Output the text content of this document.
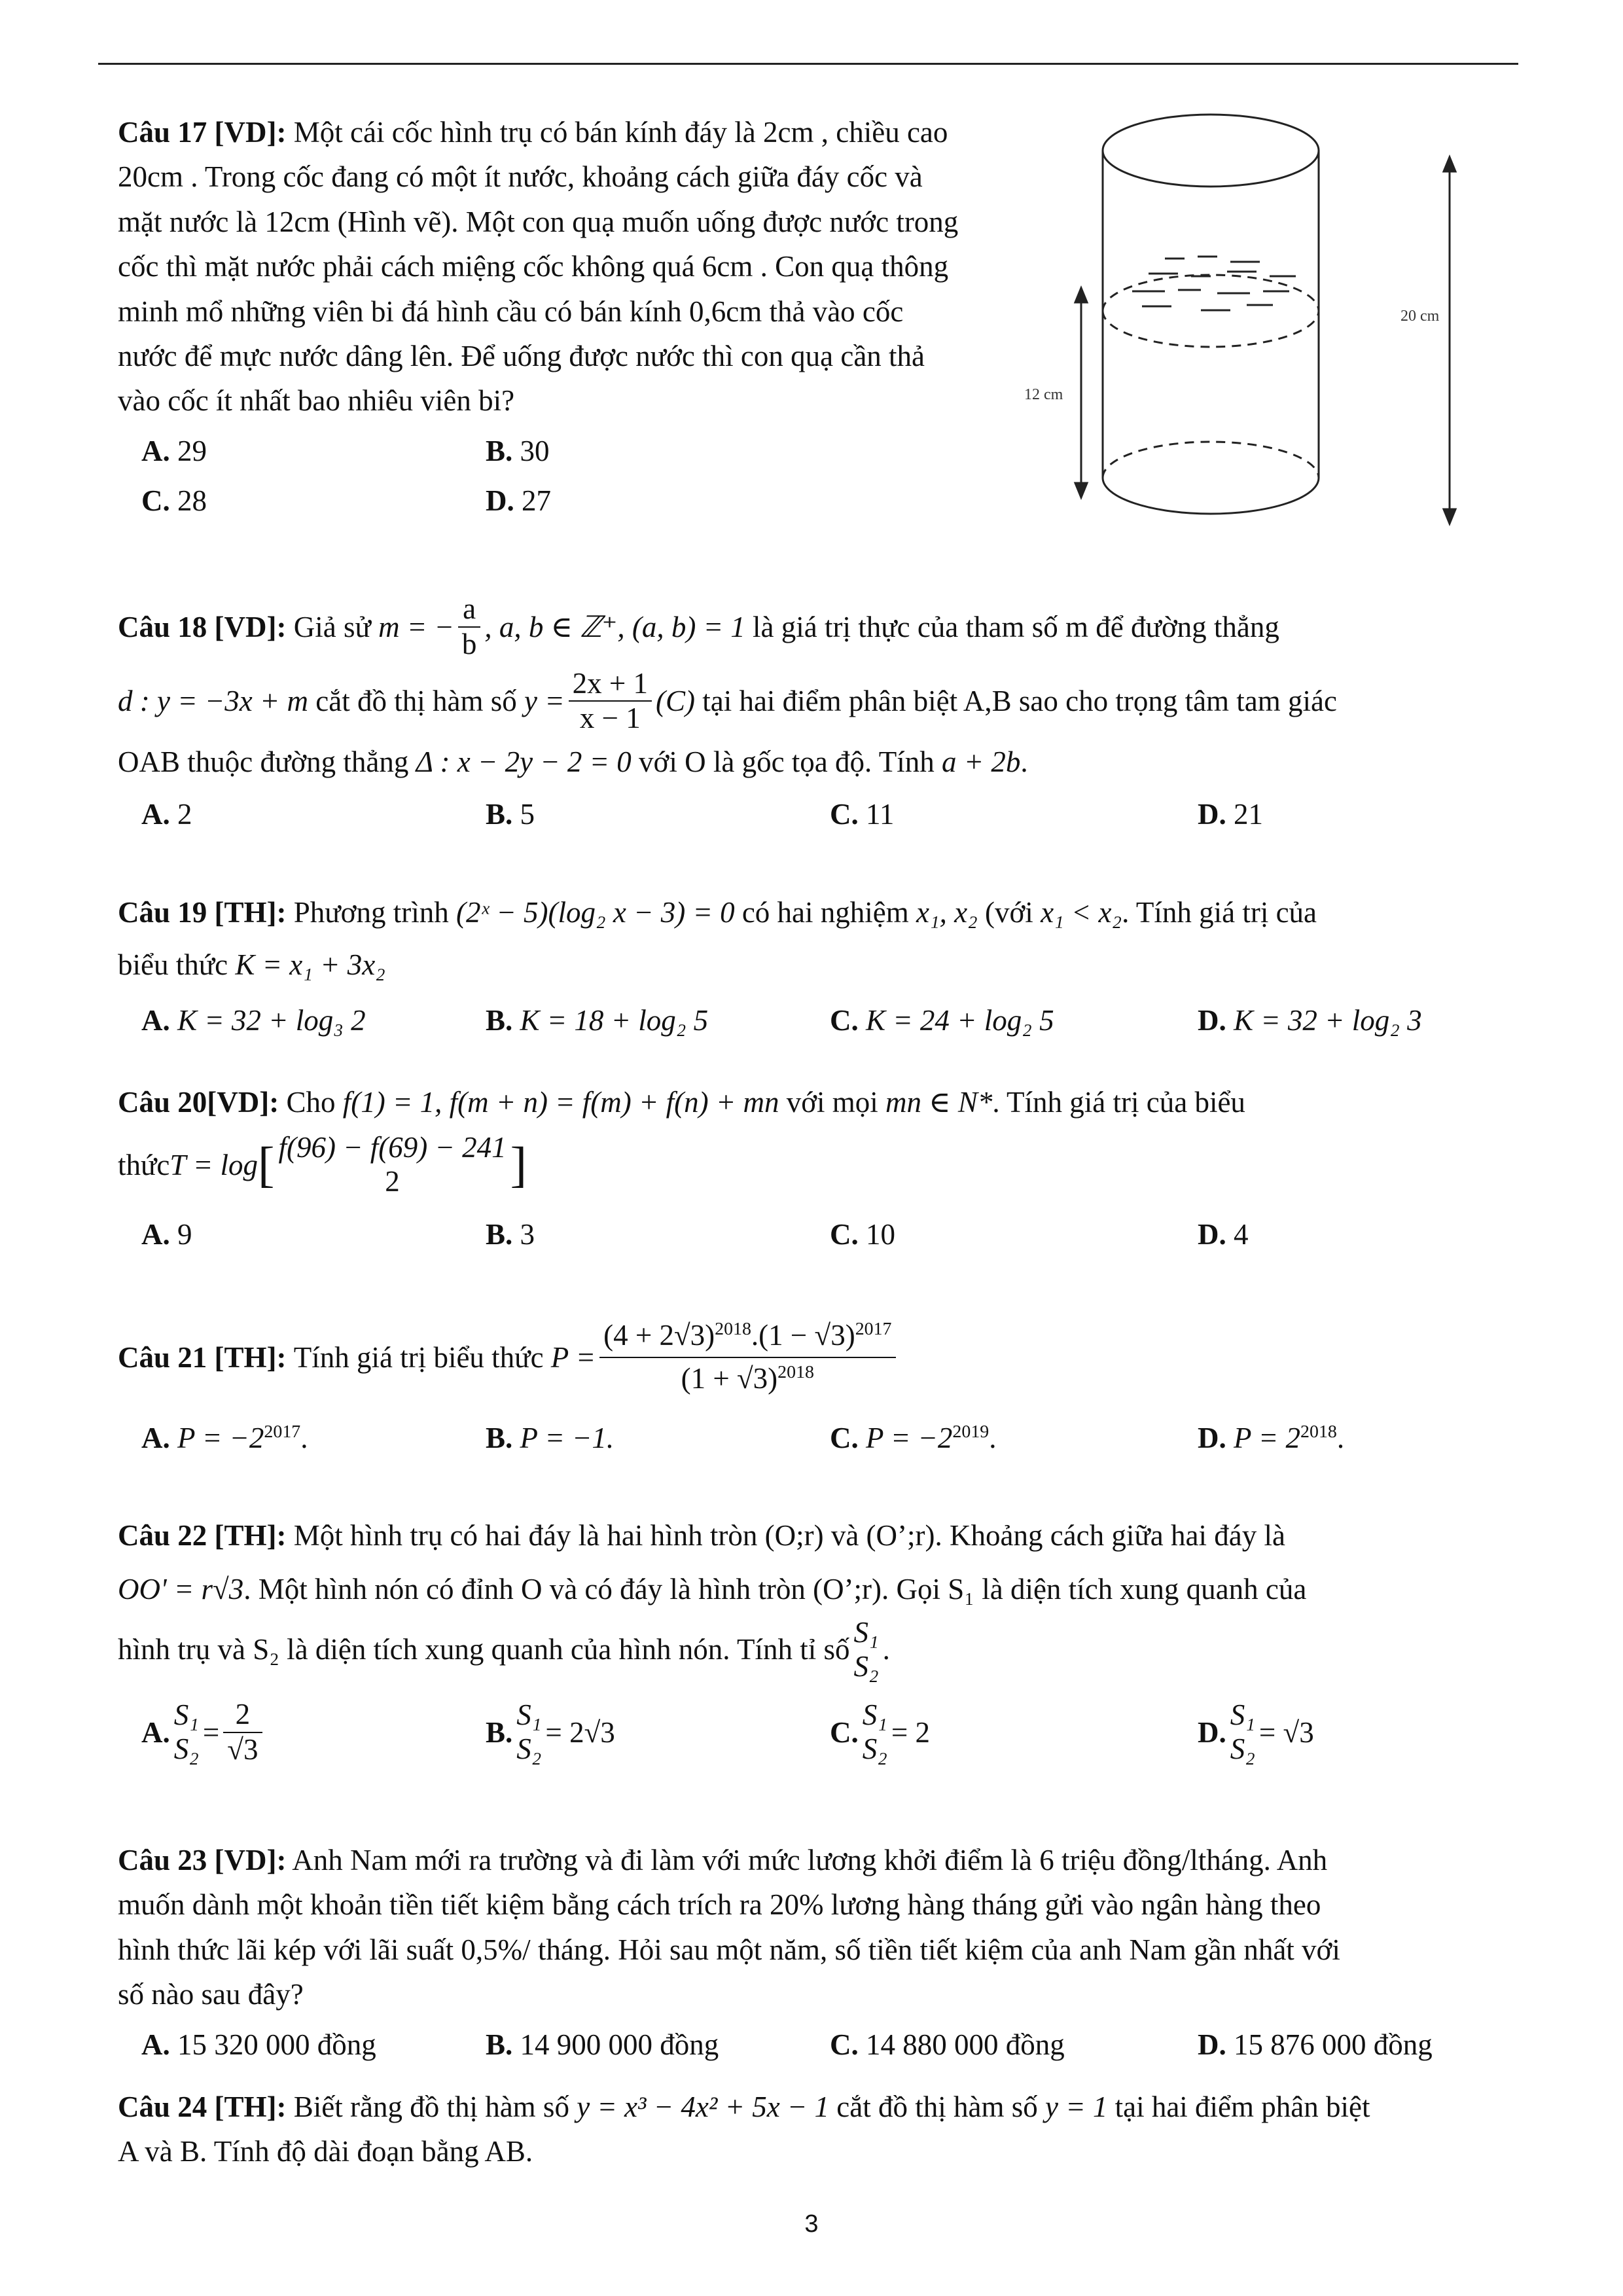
Câu 17 [VD]: Một cái cốc hình trụ có bán kính đáy là 2cm , chiều cao
20cm . Trong cốc đang có một ít nước, khoảng cách giữa đáy cốc và
mặt nước là 12cm (Hình vẽ). Một con quạ muốn uống được nước trong
cốc thì mặt nước phải cách miệng cốc không quá 6cm . Con quạ thông
minh mổ những viên bi đá hình cầu có bán kính 0,6cm thả vào cốc
nước để mực nước dâng lên. Để uống được nước thì con quạ cần thả
vào cốc ít nhất bao nhiêu viên bi?
A. 29	B. 30
C. 28	D. 27
12 cm
20 cm
Câu 18 [VD]:
Giả sử
m = − $\frac{a}{b}$ , a, b ∈ ℤ⁺, (a, b) = 1
là giá trị thực của tham số m để đường thẳng
d : y = −3x + m
cắt đồ thị hàm số
$y = \frac{2x + 1}{x - 1} (C)$
tại hai điểm phân biệt A,B sao cho trọng tâm tam giác
OAB thuộc đường thẳng Δ : x − 2y − 2 = 0 với O là gốc tọa độ. Tính a + 2b.
A. 2	B. 5	C. 11	D. 21
Câu 19 [TH]: Phương trình (2ˣ − 5)(log₂ x − 3) = 0 có hai nghiệm x₁, x₂ (với x₁ < x₂. Tính giá trị của
biểu thức K = x₁ + 3x₂
A. K = 32 + log₃ 2	B. K = 18 + log₂ 5	C. K = 24 + log₂ 5	D. K = 32 + log₂ 3
Câu 20[VD]: Cho f(1) = 1, f(m + n) = f(m) + f(n) + mn với mọi mn ∈ N*. Tính giá trị của biểu
thức T = log [ f(96) − f(69) − 241
2	]
A. 9	B. 3	C. 10	D. 4
Câu 21 [TH]:
Tính giá trị biểu thức
$P = \frac{(4 + 2√3)^{2018}.(1 - √3)^{2017}}{(1 + √3)^{2018}}$
A. $P = -2^{2017}$.	B. P = −1.	C. $P = -2^{2019}$.	D. $P = 2^{2018}$.
Câu 22 [TH]: Một hình trụ có hai đáy là hai hình tròn (O;r) và (O’;r). Khoảng cách giữa hai đáy là
OO' = r√3. Một hình nón có đỉnh O và có đáy là hình tròn (O’;r). Gọi S₁ là diện tích xung quanh của
hình trụ và S₂ là diện tích xung quanh của hình nón. Tính tỉ số
S₁
S₂
.
A.
S₁
S₂
= $\frac{2}{√3}$	B.
S₁
S₂
=
2√3	C.
S₁
S₂
=
2	D.
S₁
S₂
=
√3
Câu 23 [VD]: Anh Nam mới ra trường và đi làm với mức lương khởi điểm là 6 triệu đồng/ltháng. Anh
muốn dành một khoản tiền tiết kiệm bằng cách trích ra 20% lương hàng tháng gửi vào ngân hàng theo
hình thức lãi kép với lãi suất 0,5%/ tháng. Hỏi sau một năm, số tiền tiết kiệm của anh Nam gần nhất với
số nào sau đây?
A. 15 320 000 đồng	B. 14 900 000 đồng	C. 14 880 000 đồng	D. 15 876 000 đồng
Câu 24 [TH]: Biết rằng đồ thị hàm số y = x³ − 4x² + 5x − 1 cắt đồ thị hàm số y = 1 tại hai điểm phân biệt
A và B. Tính độ dài đoạn bằng AB.
3
